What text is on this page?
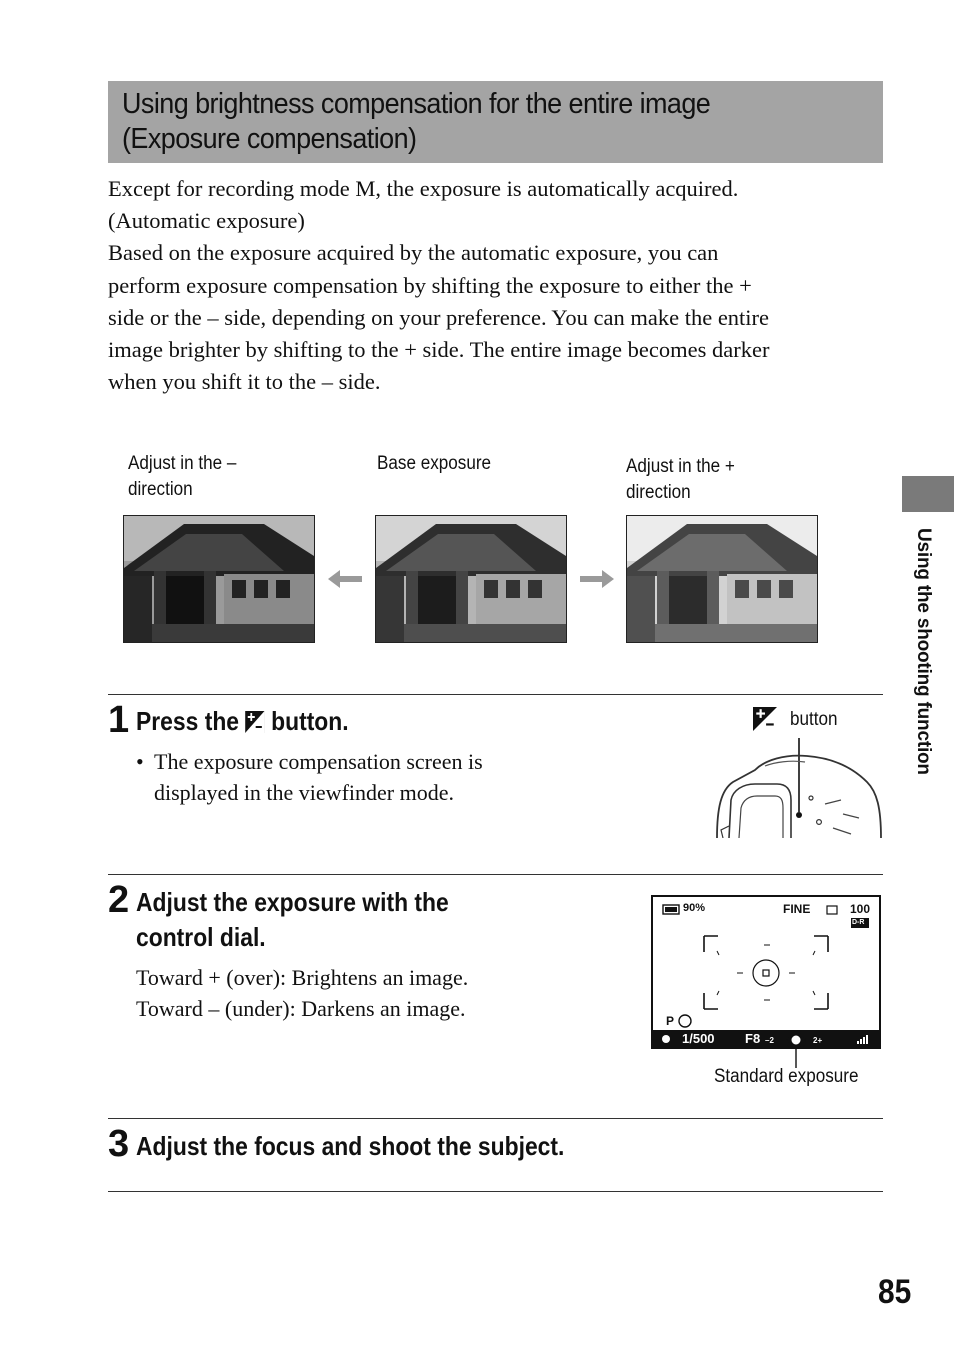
Using brightness compensation for the entire image
(Exposure compensation)

Except for recording mode M, the exposure is automatically acquired.
(Automatic exposure)

Based on the exposure acquired by the automatic exposure, you can
perform exposure compensation by shifting the exposure to either the +
side or the – side, depending on your preference. You can make the entire
image brighter by shifting to the + side. The entire image becomes darker
when you shift it to the – side.

Adjust in the –
direction
Base exposure	Adjust in the +
direction
Using the shooting function
1 Press the button.
• The exposure compensation screen is
displayed in the viewfinder mode.
button
2 Adjust the exposure with the
control dial.
Toward + (over): Brightens an image.
Toward – (under): Darkens an image.
90%	FINE	100
D-R
P
1/500 F8 –2	2+
Standard exposure
3 Adjust the focus and shoot the subject.
85
